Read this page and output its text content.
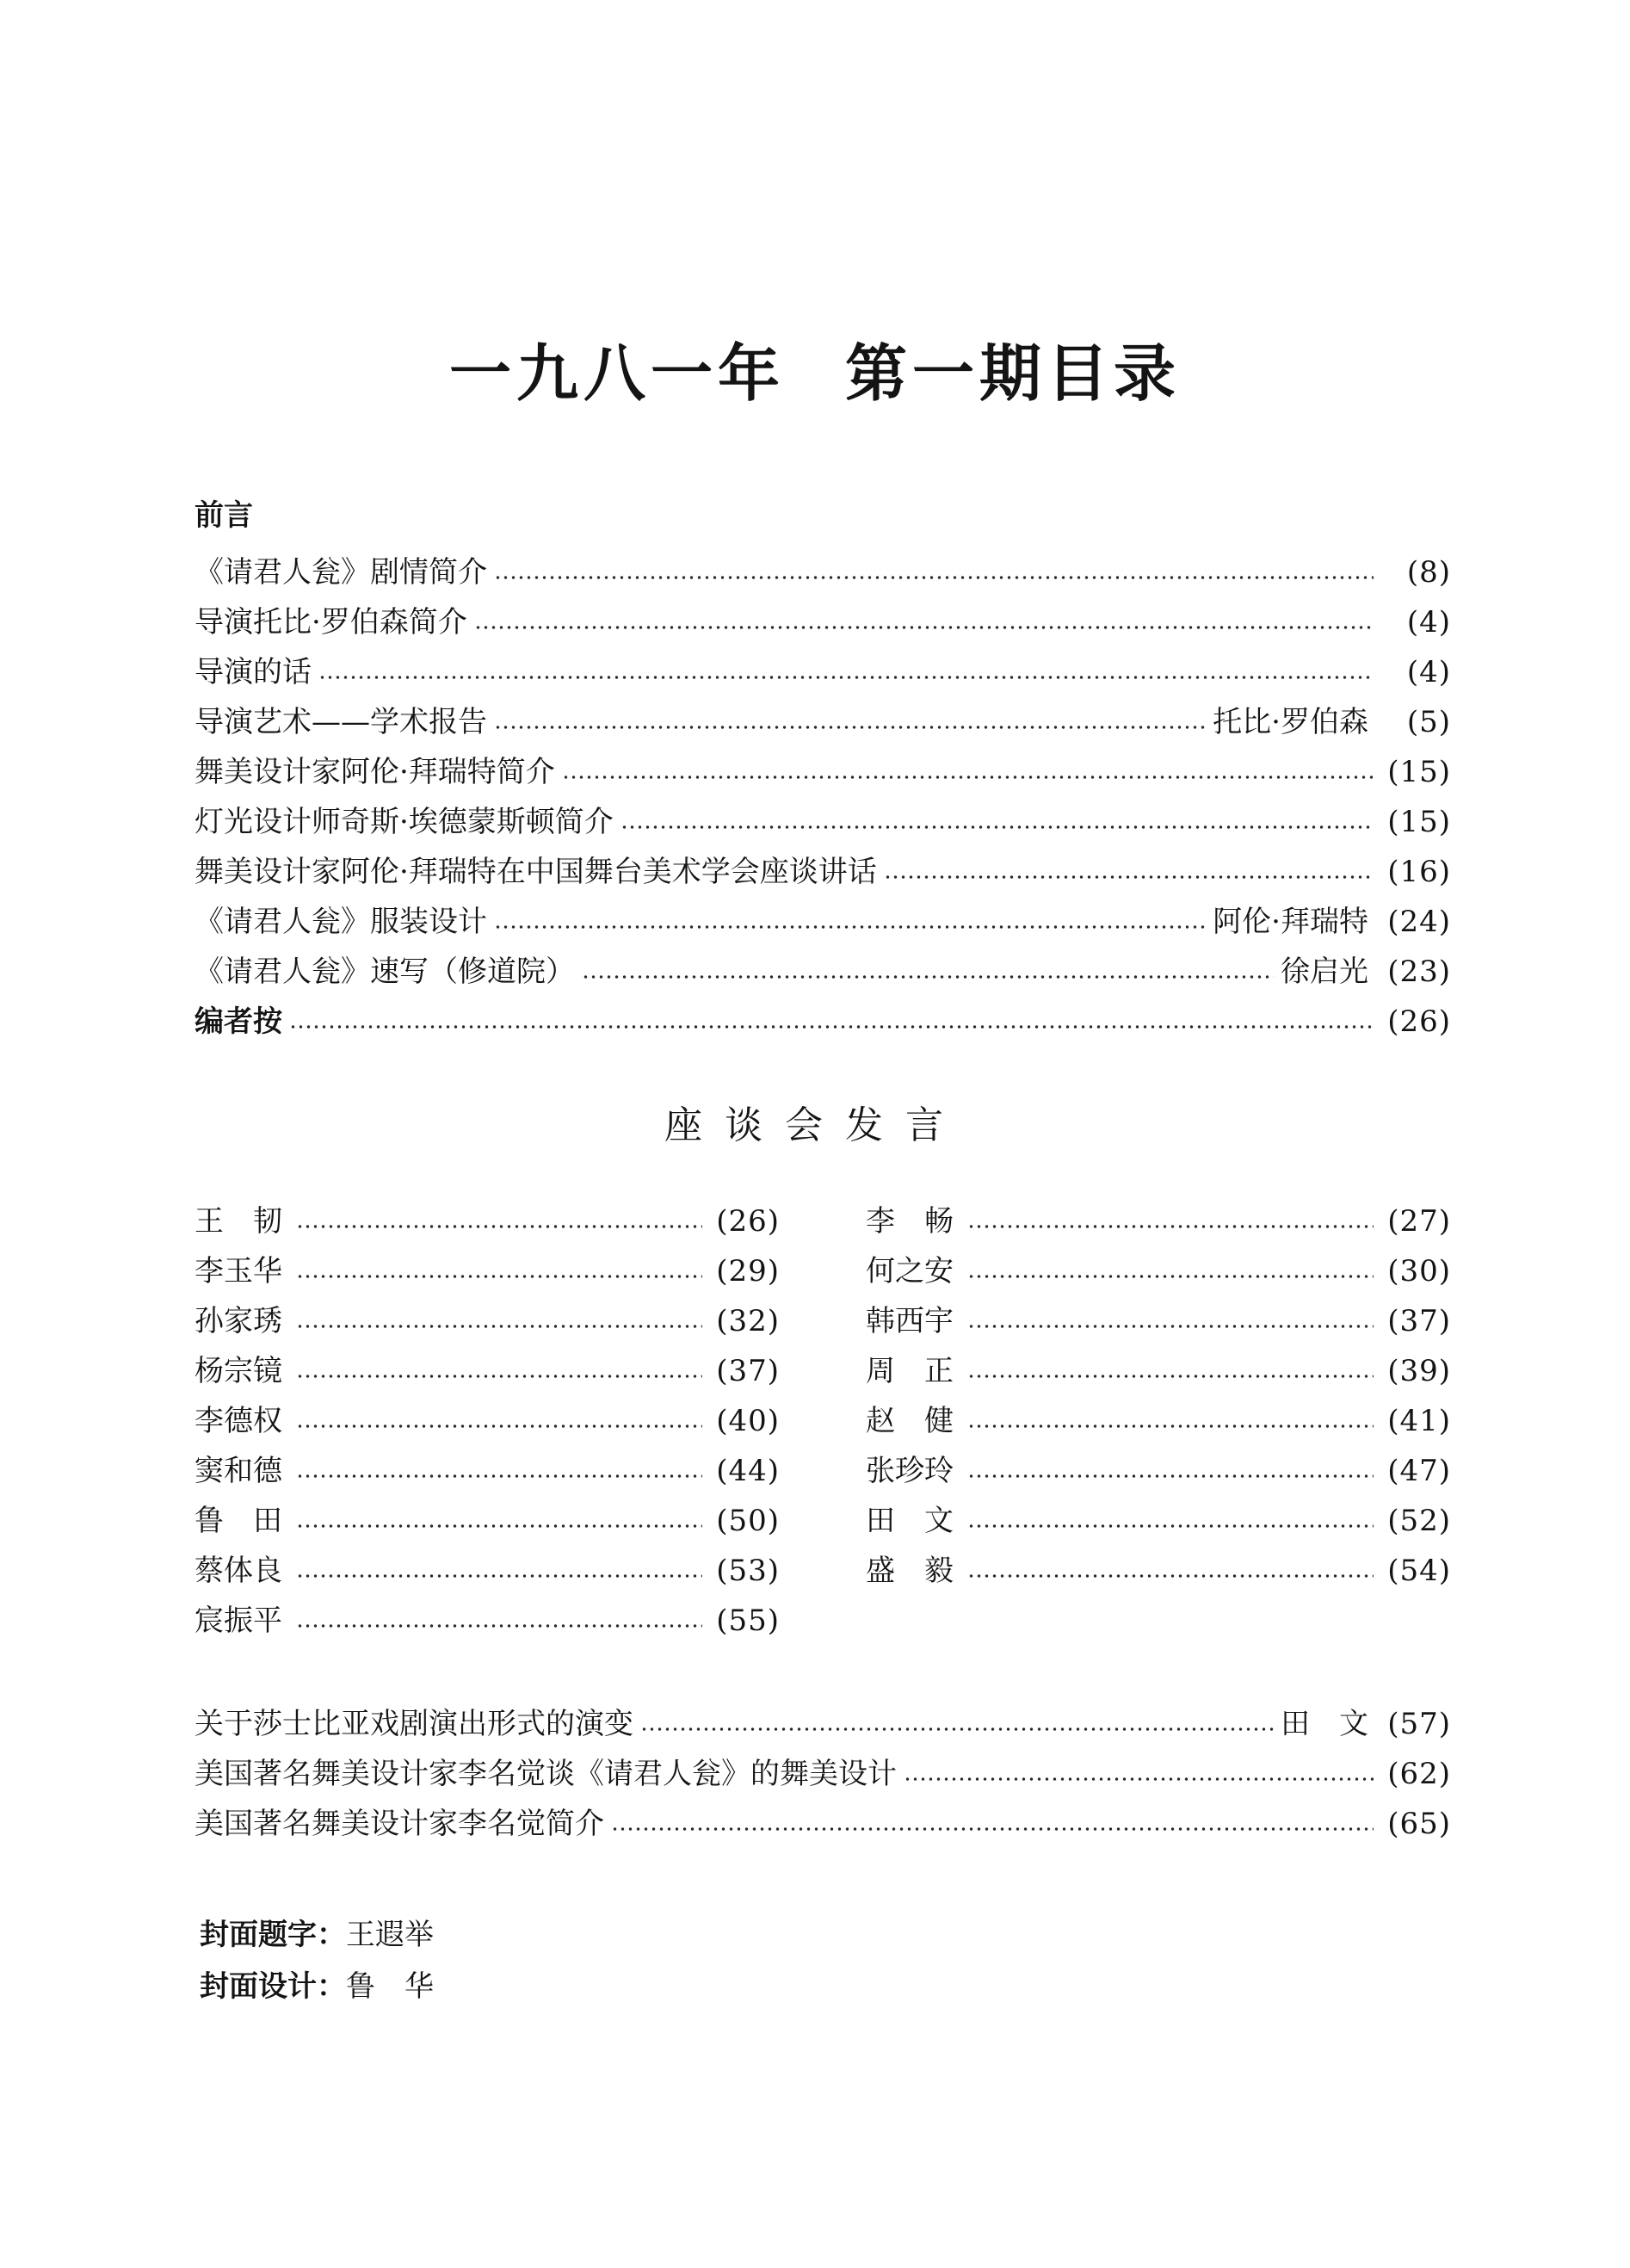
一九八一年 第一期目录
前言
《请君人瓮》剧情简介	(8)
导演托比·罗伯森简介	(4)
导演的话	(4)
导演艺术——学术报告	托比·罗伯森	(5)
舞美设计家阿伦·拜瑞特简介	(15)
灯光设计师奇斯·埃德蒙斯顿简介	(15)
舞美设计家阿伦·拜瑞特在中国舞台美术学会座谈讲话	(16)
《请君人瓮》服装设计	阿伦·拜瑞特 (24)
《请君人瓮》速写（修道院）	徐启光 (23)
编者按	(26)
座谈会发言
王　韧	(26)
李玉华	(29)
孙家琇	(32)
杨宗镜	(37)
李德权	(40)
窦和德	(44)
鲁　田	(50)
蔡体良	(53)
宸振平	(55)
李　畅	(27)
何之安	(30)
韩西宇	(37)
周　正	(39)
赵　健	(41)
张珍玲	(47)
田　文	(52)
盛　毅	(54)
关于莎士比亚戏剧演出形式的演变	田　文 (57)
美国著名舞美设计家李名觉谈《请君人瓮》的舞美设计	(62)
美国著名舞美设计家李名觉简介	(65)
封面题字：王遐举
封面设计：鲁　华
